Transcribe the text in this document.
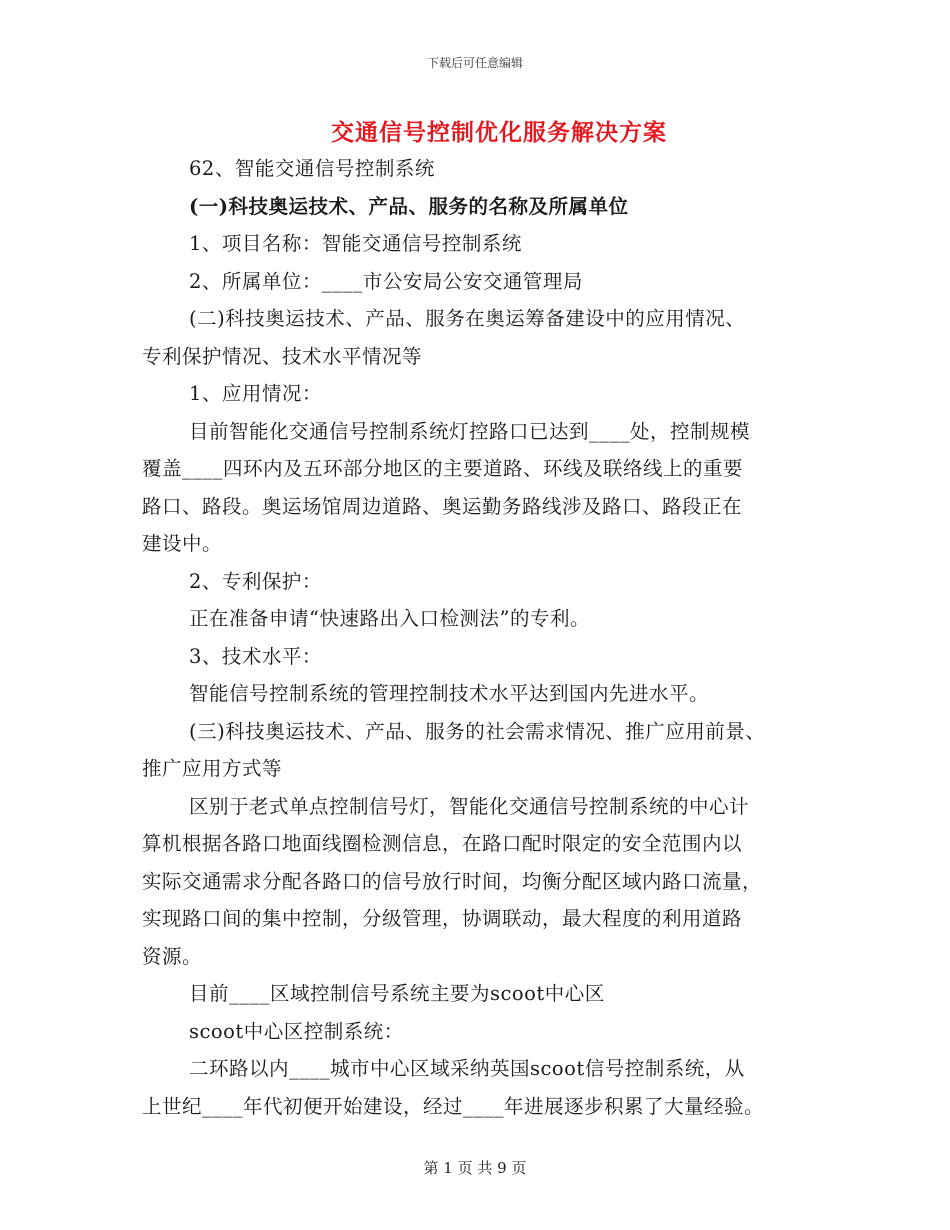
下载后可任意编辑
交通信号控制优化服务解决方案
62、智能交通信号控制系统
(一)科技奥运技术、产品、服务的名称及所属单位
1、项目名称：智能交通信号控制系统
2、所属单位：____市公安局公安交通管理局
(二)科技奥运技术、产品、服务在奥运筹备建设中的应用情况、
专利保护情况、技术水平情况等
1、应用情况：
目前智能化交通信号控制系统灯控路口已达到____处，控制规模
覆盖____四环内及五环部分地区的主要道路、环线及联络线上的重要
路口、路段。奥运场馆周边道路、奥运勤务路线涉及路口、路段正在
建设中。
2、专利保护：
正在准备申请“快速路出入口检测法”的专利。
3、技术水平：
智能信号控制系统的管理控制技术水平达到国内先进水平。
(三)科技奥运技术、产品、服务的社会需求情况、推广应用前景、
推广应用方式等
区别于老式单点控制信号灯，智能化交通信号控制系统的中心计
算机根据各路口地面线圈检测信息，在路口配时限定的安全范围内以
实际交通需求分配各路口的信号放行时间，均衡分配区域内路口流量，
实现路口间的集中控制，分级管理，协调联动，最大程度的利用道路
资源。
目前____区域控制信号系统主要为scoot中心区
scoot中心区控制系统：
二环路以内____城市中心区域采纳英国scoot信号控制系统，从
上世纪____年代初便开始建设，经过____年进展逐步积累了大量经验。
第 1 页 共 9 页
